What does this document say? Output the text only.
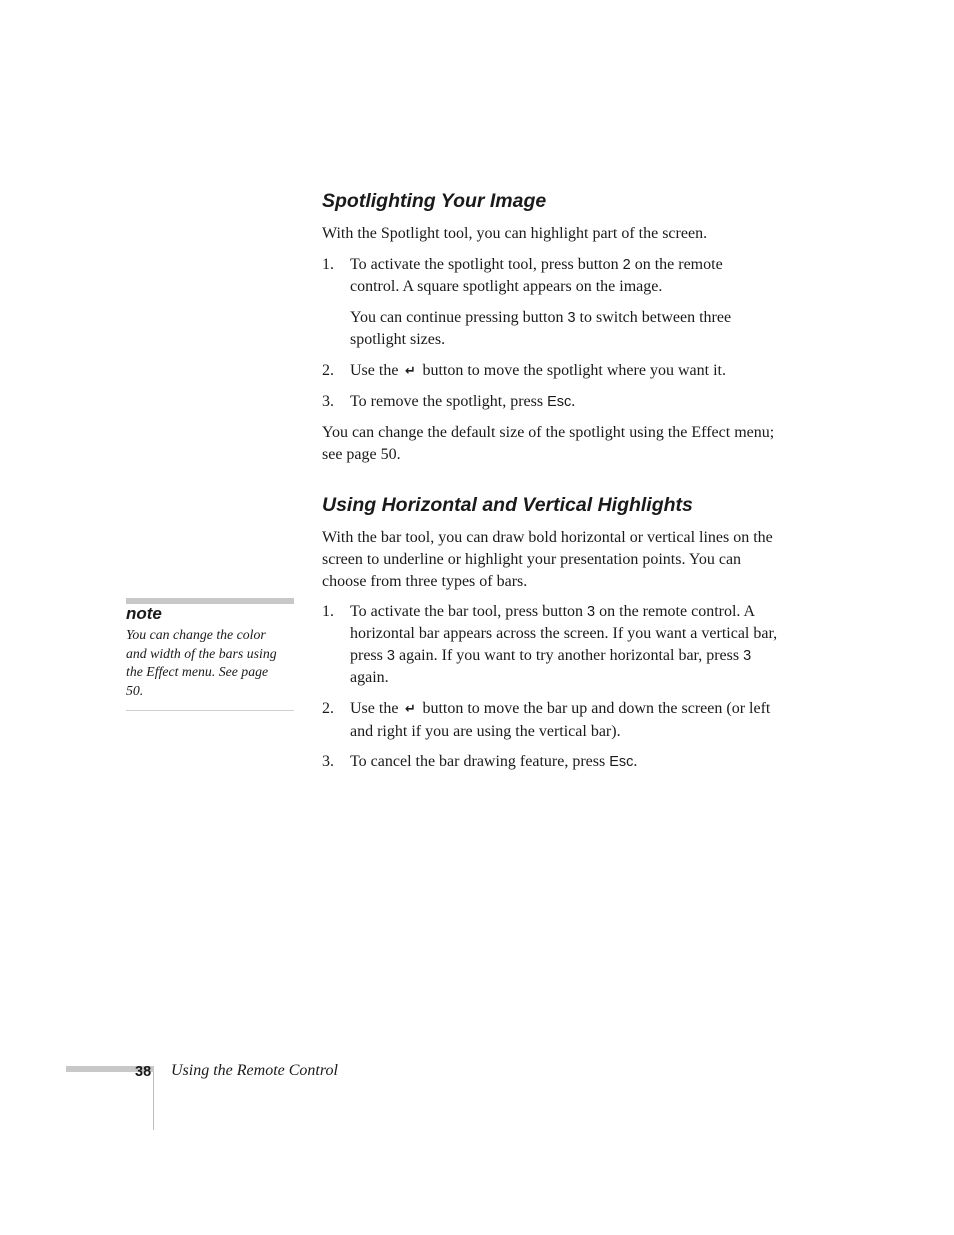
Spotlighting Your Image
With the Spotlight tool, you can highlight part of the screen.
1. To activate the spotlight tool, press button 2 on the remote control. A square spotlight appears on the image.
You can continue pressing button 3 to switch between three spotlight sizes.
2. Use the ↵ button to move the spotlight where you want it.
3. To remove the spotlight, press Esc.
You can change the default size of the spotlight using the Effect menu; see page 50.
Using Horizontal and Vertical Highlights
With the bar tool, you can draw bold horizontal or vertical lines on the screen to underline or highlight your presentation points. You can choose from three types of bars.
1. To activate the bar tool, press button 3 on the remote control. A horizontal bar appears across the screen. If you want a vertical bar, press 3 again. If you want to try another horizontal bar, press 3 again.
2. Use the ↵ button to move the bar up and down the screen (or left and right if you are using the vertical bar).
3. To cancel the bar drawing feature, press Esc.
note
You can change the color and width of the bars using the Effect menu. See page 50.
38 Using the Remote Control
